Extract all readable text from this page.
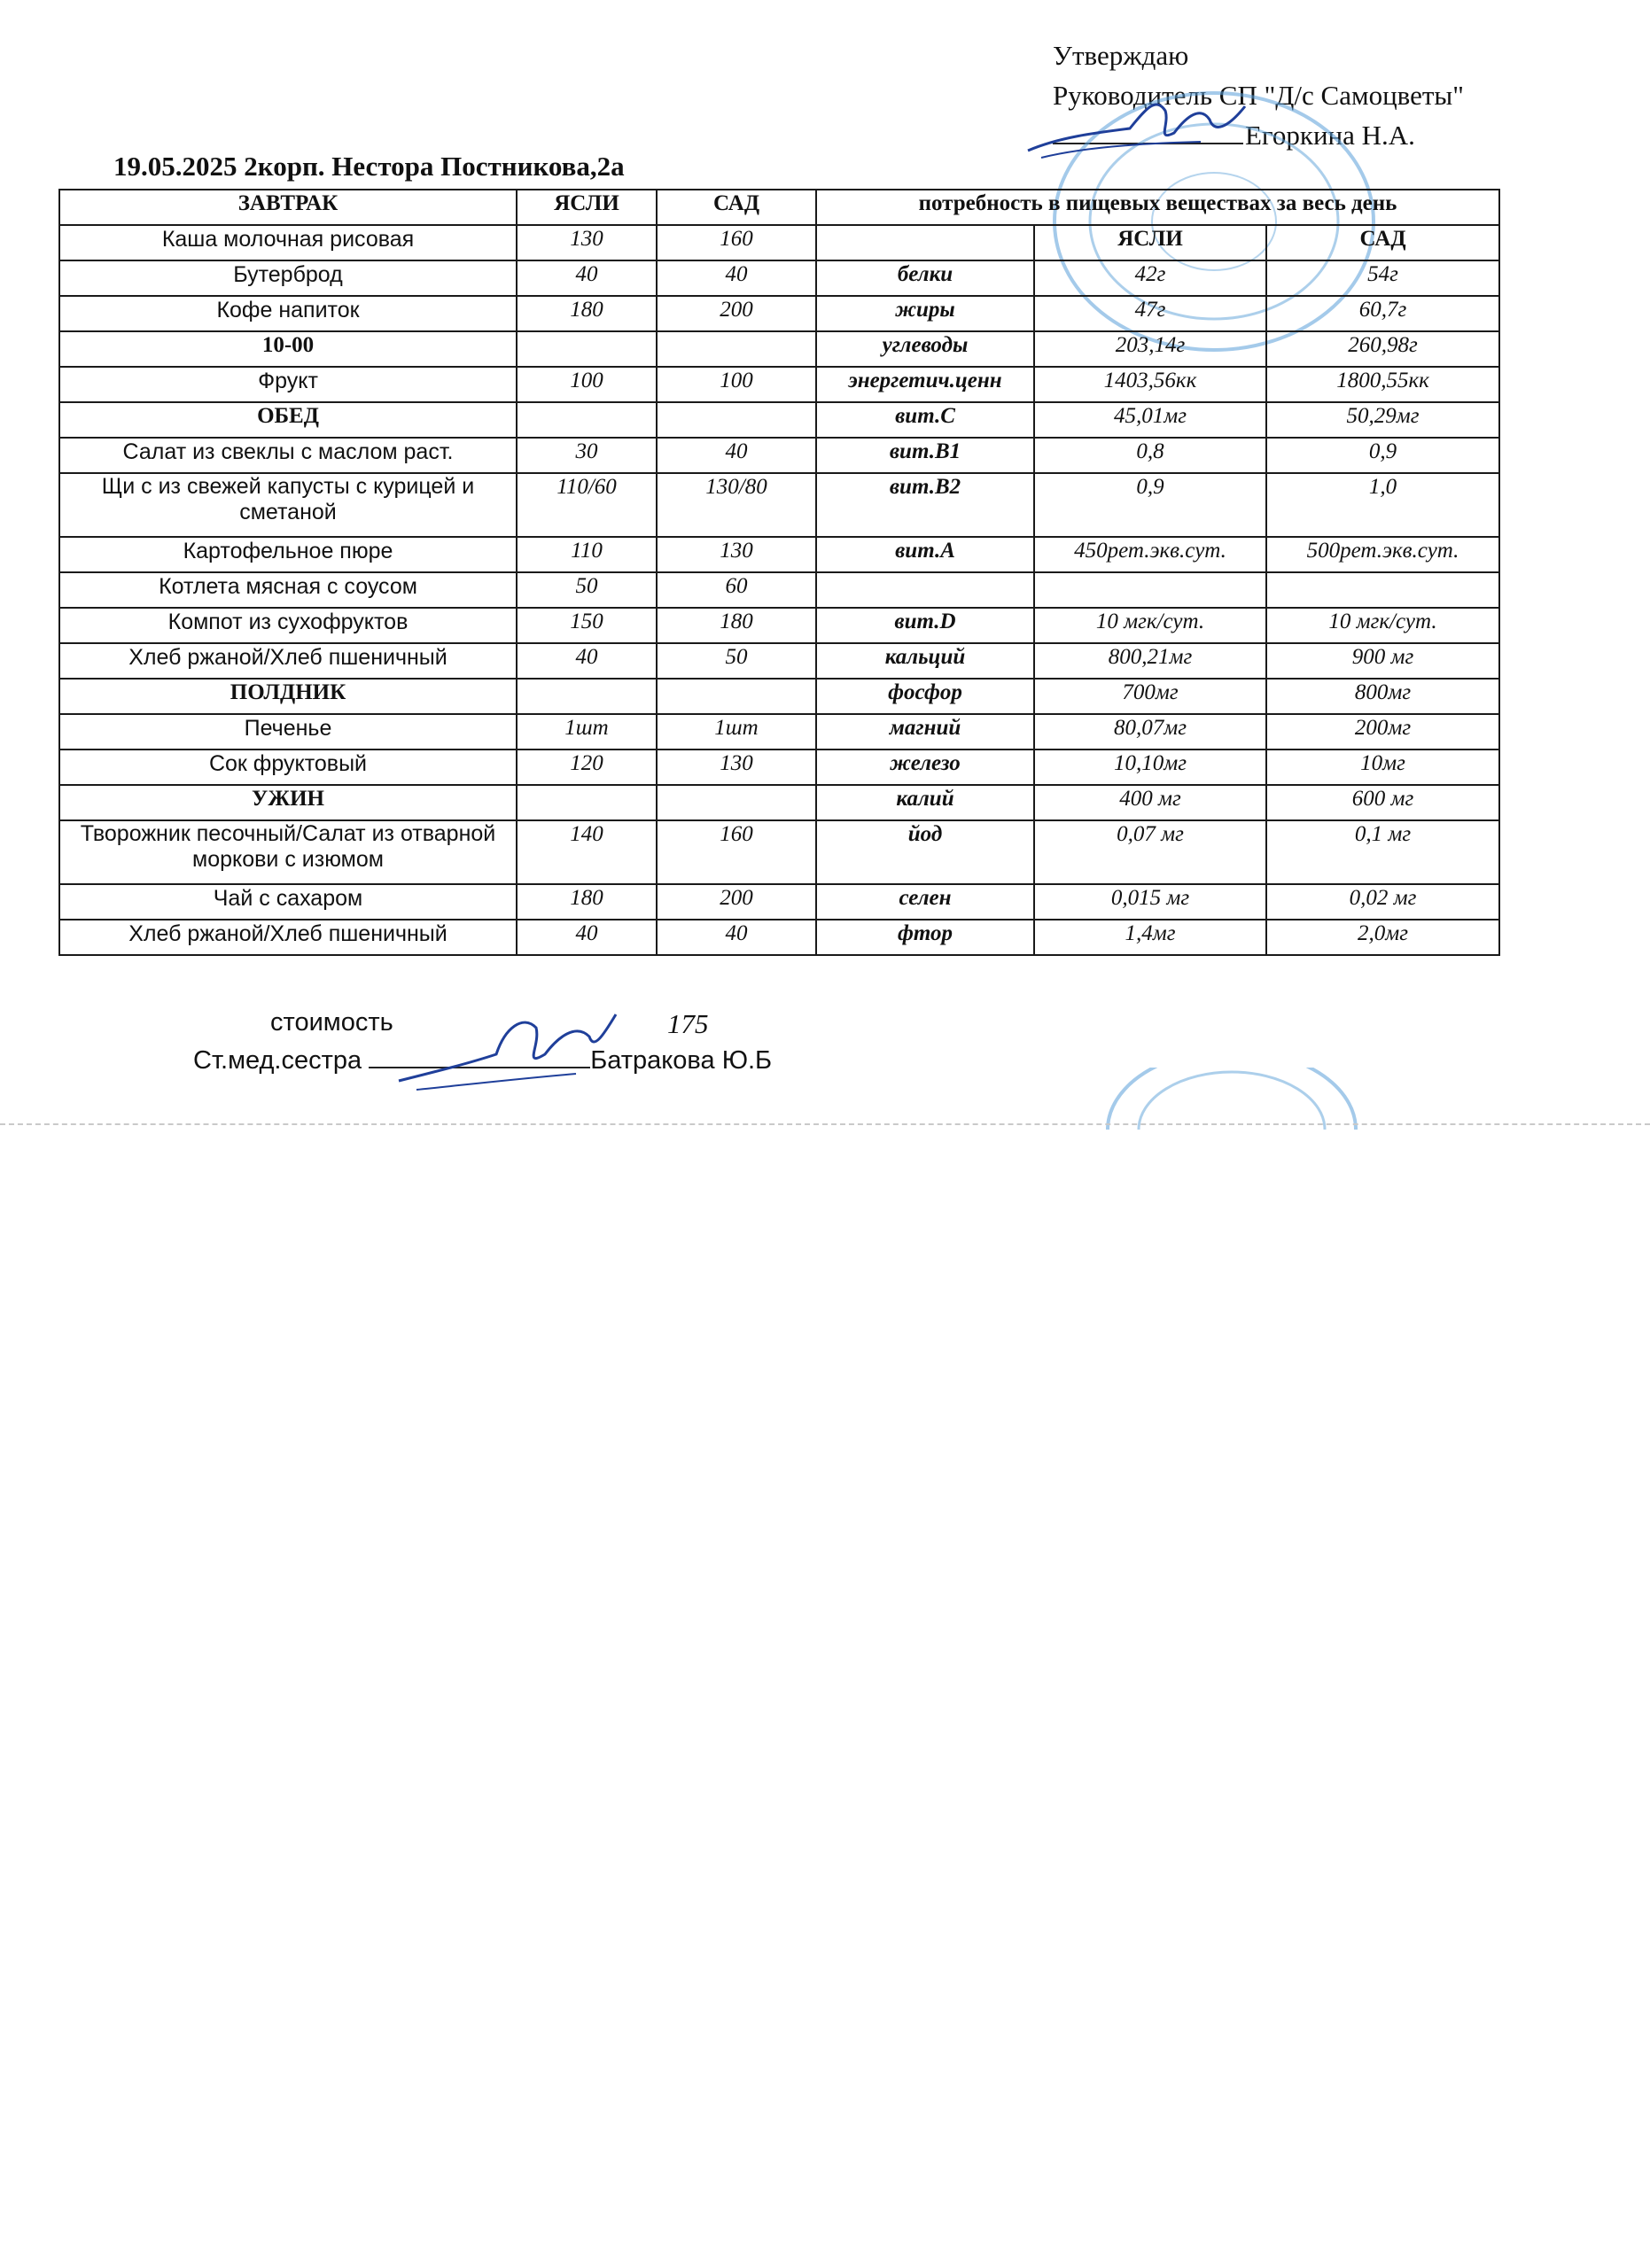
Утверждаю
Руководитель СП "Д/с Самоцветы"
Егоркина Н.А.
19.05.2025 2корп. Нестора Постникова,2а
ЗАВТРАК	ЯСЛИ	САД	потребность в пищевых веществах за весь день		
Каша молочная рисовая	130	160		ЯСЛИ	САД
Бутерброд	40	40	белки	42г	54г
Кофе напиток	180	200	жиры	47г	60,7г
10-00			углеводы	203,14г	260,98г
Фрукт	100	100	энергетич.ценн	1403,56кк	1800,55кк
ОБЕД			вит.С	45,01мг	50,29мг
Салат из свеклы с маслом раст.	30	40	вит.В1	0,8	0,9
Щи с из свежей капусты с курицей и сметаной	110/60	130/80	вит.В2	0,9	1,0
Картофельное пюре	110	130	вит.А	450рет.экв.сут.	500рет.экв.сут.
Котлета мясная с соусом	50	60			
Компот из сухофруктов	150	180	вит.D	10 мгк/сут.	10 мгк/сут.
Хлеб ржаной/Хлеб пшеничный	40	50	кальций	800,21мг	900 мг
ПОЛДНИК			фосфор	700мг	800мг
Печенье	1шт	1шт	магний	80,07мг	200мг
Сок фруктовый	120	130	железо	10,10мг	10мг
УЖИН			калий	400 мг	600 мг
Творожник песочный/Салат из отварной моркови с изюмом	140	160	йод	0,07 мг	0,1 мг
Чай с сахаром	180	200	селен	0,015 мг	0,02 мг
Хлеб ржаной/Хлеб пшеничный	40	40	фтор	1,4мг	2,0мг
стоимость	175
Ст.мед.сестра	Батракова Ю.Б
